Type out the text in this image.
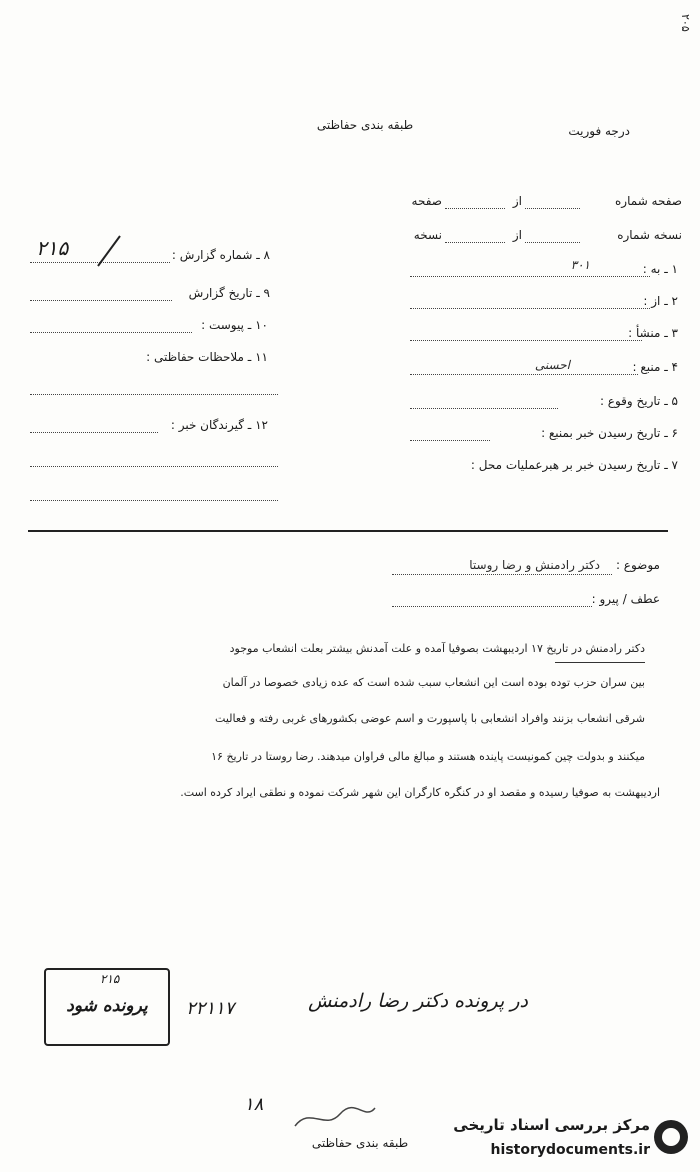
۲۰۵
طبقه بندی حفاظتی	درجه فوریت
صفحه شماره
از
صفحه
نسخه شماره
از
نسخه
۱ ـ به :
۳۰۱
۲ ـ از :
۳ ـ منشأ :
۴ ـ منبع :
احسنی
۵ ـ تاریخ وقوع :
۶ ـ تاریخ رسیدن خبر بمنبع :
۷ ـ تاریخ رسیدن خبر بر هبرعملیات محل :
۸ ـ شماره گزارش :
۲۱۵
۹ ـ تاریخ گزارش
۱۰ ـ پیوست :
۱۱ ـ ملاحظات حفاظتی :
۱۲ ـ گیرندگان خبر :
موضوع :
دکتر رادمنش و رضا روستا
عطف / پیرو :
دکتر رادمنش در تاریخ ۱۷ اردیبهشت بصوفیا آمده و علت آمدنش بیشتر بعلت انشعاب موجود
بین سران حزب توده بوده است این انشعاب سبب شده است که عده زیادی خصوصا در آلمان
شرقی انشعاب بزنند وافراد انشعابی با پاسپورت و اسم عوضی بکشورهای غربی رفته و فعالیت
میکنند و بدولت چین کمونیست پاینده هستند و مبالغ مالی فراوان میدهند. رضا روستا در تاریخ ۱۶
اردیبهشت به صوفیا رسیده و مقصد او در کنگره کارگران این شهر شرکت نموده و نطقی ایراد کرده است.
۲۱۵
پرونده شود	۲۲۱۱۷	در پرونده دکتر رضا رادمنش
۱۸
طبقه بندی حفاظتی
مرکز بررسی اسناد تاریخی
historydocuments.ir
